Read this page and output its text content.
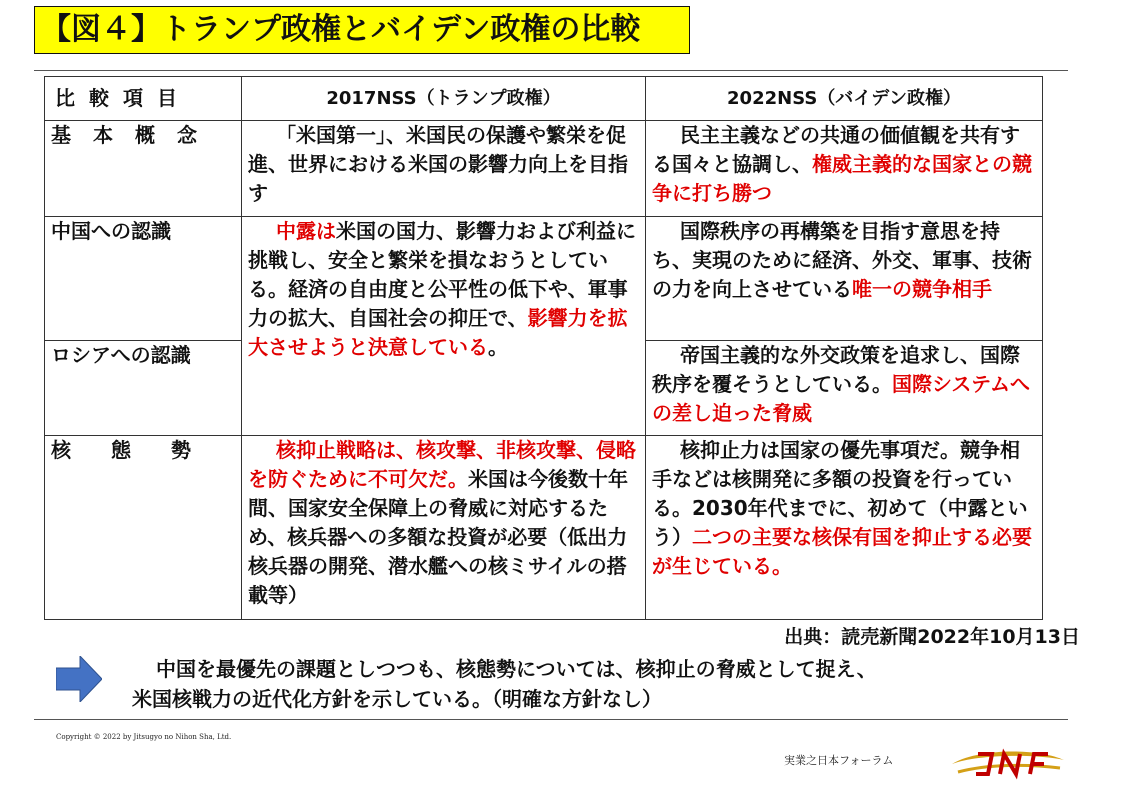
【図４】トランプ政権とバイデン政権の比較
比較項目	2017NSS（トランプ政権）	2022NSS（バイデン政権）
基本概念	「米国第一」、米国民の保護や繁栄を促進、世界における米国の影響力向上を目指す	民主主義などの共通の価値観を共有する国々と協調し、権威主義的な国家との競争に打ち勝つ
中国への認識	中露は米国の国力、影響力および利益に挑戦し、安全と繁栄を損なおうとしている。経済の自由度と公平性の低下や、軍事力の拡大、自国社会の抑圧で、影響力を拡大させようと決意している。	国際秩序の再構築を目指す意思を持ち、実現のために経済、外交、軍事、技術の力を向上させている唯一の競争相手
ロシアへの認識		帝国主義的な外交政策を追求し、国際秩序を覆そうとしている。国際システムへの差し迫った脅威
核態勢	核抑止戦略は、核攻撃、非核攻撃、侵略を防ぐために不可欠だ。米国は今後数十年間、国家安全保障上の脅威に対応するため、核兵器への多額な投資が必要（低出力核兵器の開発、潜水艦への核ミサイルの搭載等）	核抑止力は国家の優先事項だ。競争相手などは核開発に多額の投資を行っている。2030年代までに、初めて（中露という）二つの主要な核保有国を抑止する必要が生じている。
出典：読売新聞2022年10月13日
中国を最優先の課題としつつも、核態勢については、核抑止の脅威として捉え、
米国核戦力の近代化方針を示している。（明確な方針なし）
Copyright © 2022 by Jitsugyo no Nihon Sha, Ltd.
実業之日本フォーラム
